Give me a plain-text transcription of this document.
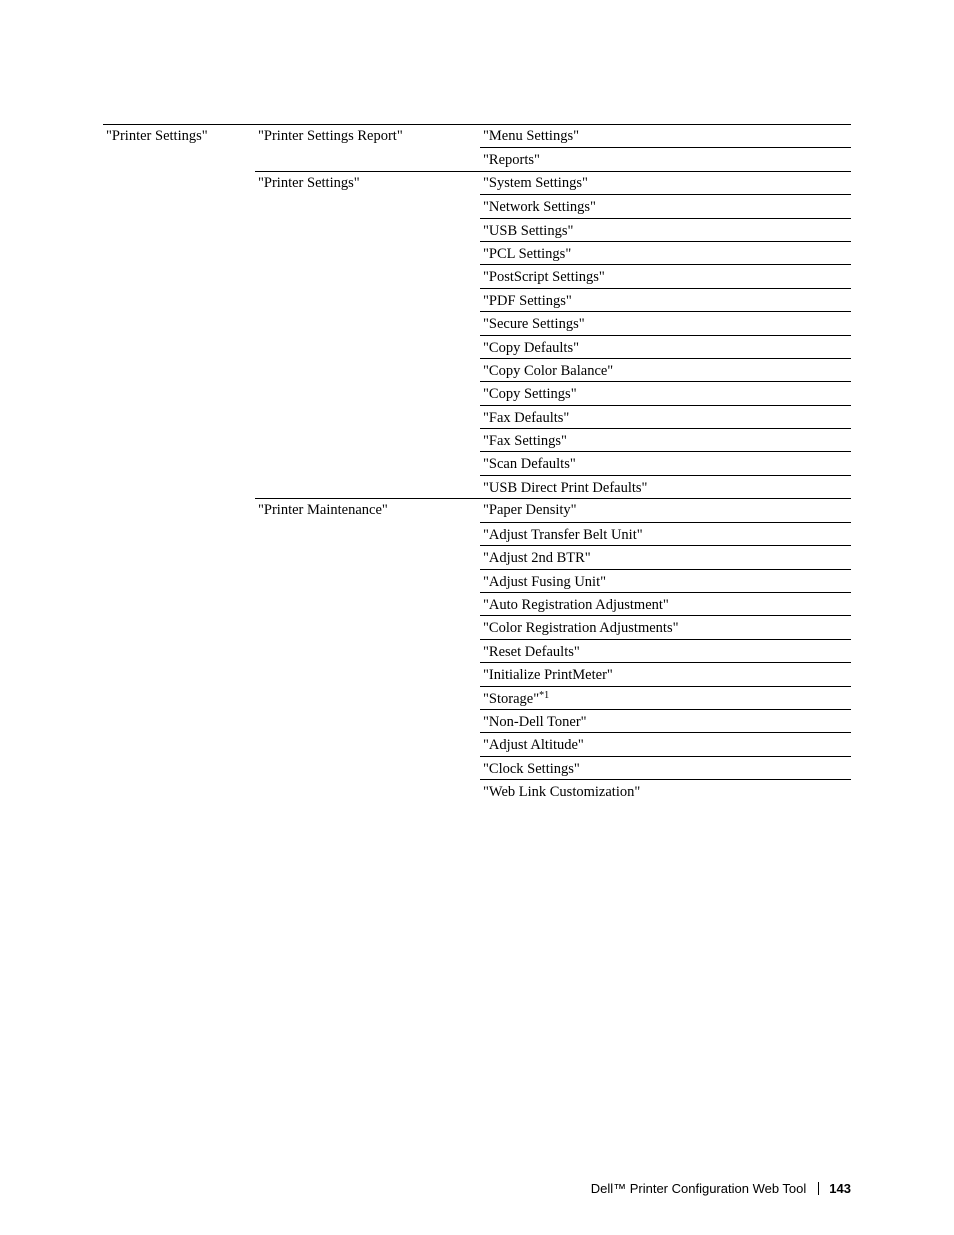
"Printer Settings"	"Printer Settings Report"	"Menu Settings"
"Reports"
"Printer Settings"	"System Settings"
"Network Settings"
"USB Settings"
"PCL Settings"
"PostScript Settings"
"PDF Settings"
"Secure Settings"
"Copy Defaults"
"Copy Color Balance"
"Copy Settings"
"Fax Defaults"
"Fax Settings"
"Scan Defaults"
"USB Direct Print Defaults"
"Printer Maintenance"	"Paper Density"
"Adjust Transfer Belt Unit"
"Adjust 2nd BTR"
"Adjust Fusing Unit"
"Auto Registration Adjustment"
"Color Registration Adjustments"
"Reset Defaults"
"Initialize PrintMeter"
"Storage"$^{*1}$
"Non-Dell Toner"
"Adjust Altitude"
"Clock Settings"
"Web Link Customization"
Dell™ Printer Configuration Web Tool 143
